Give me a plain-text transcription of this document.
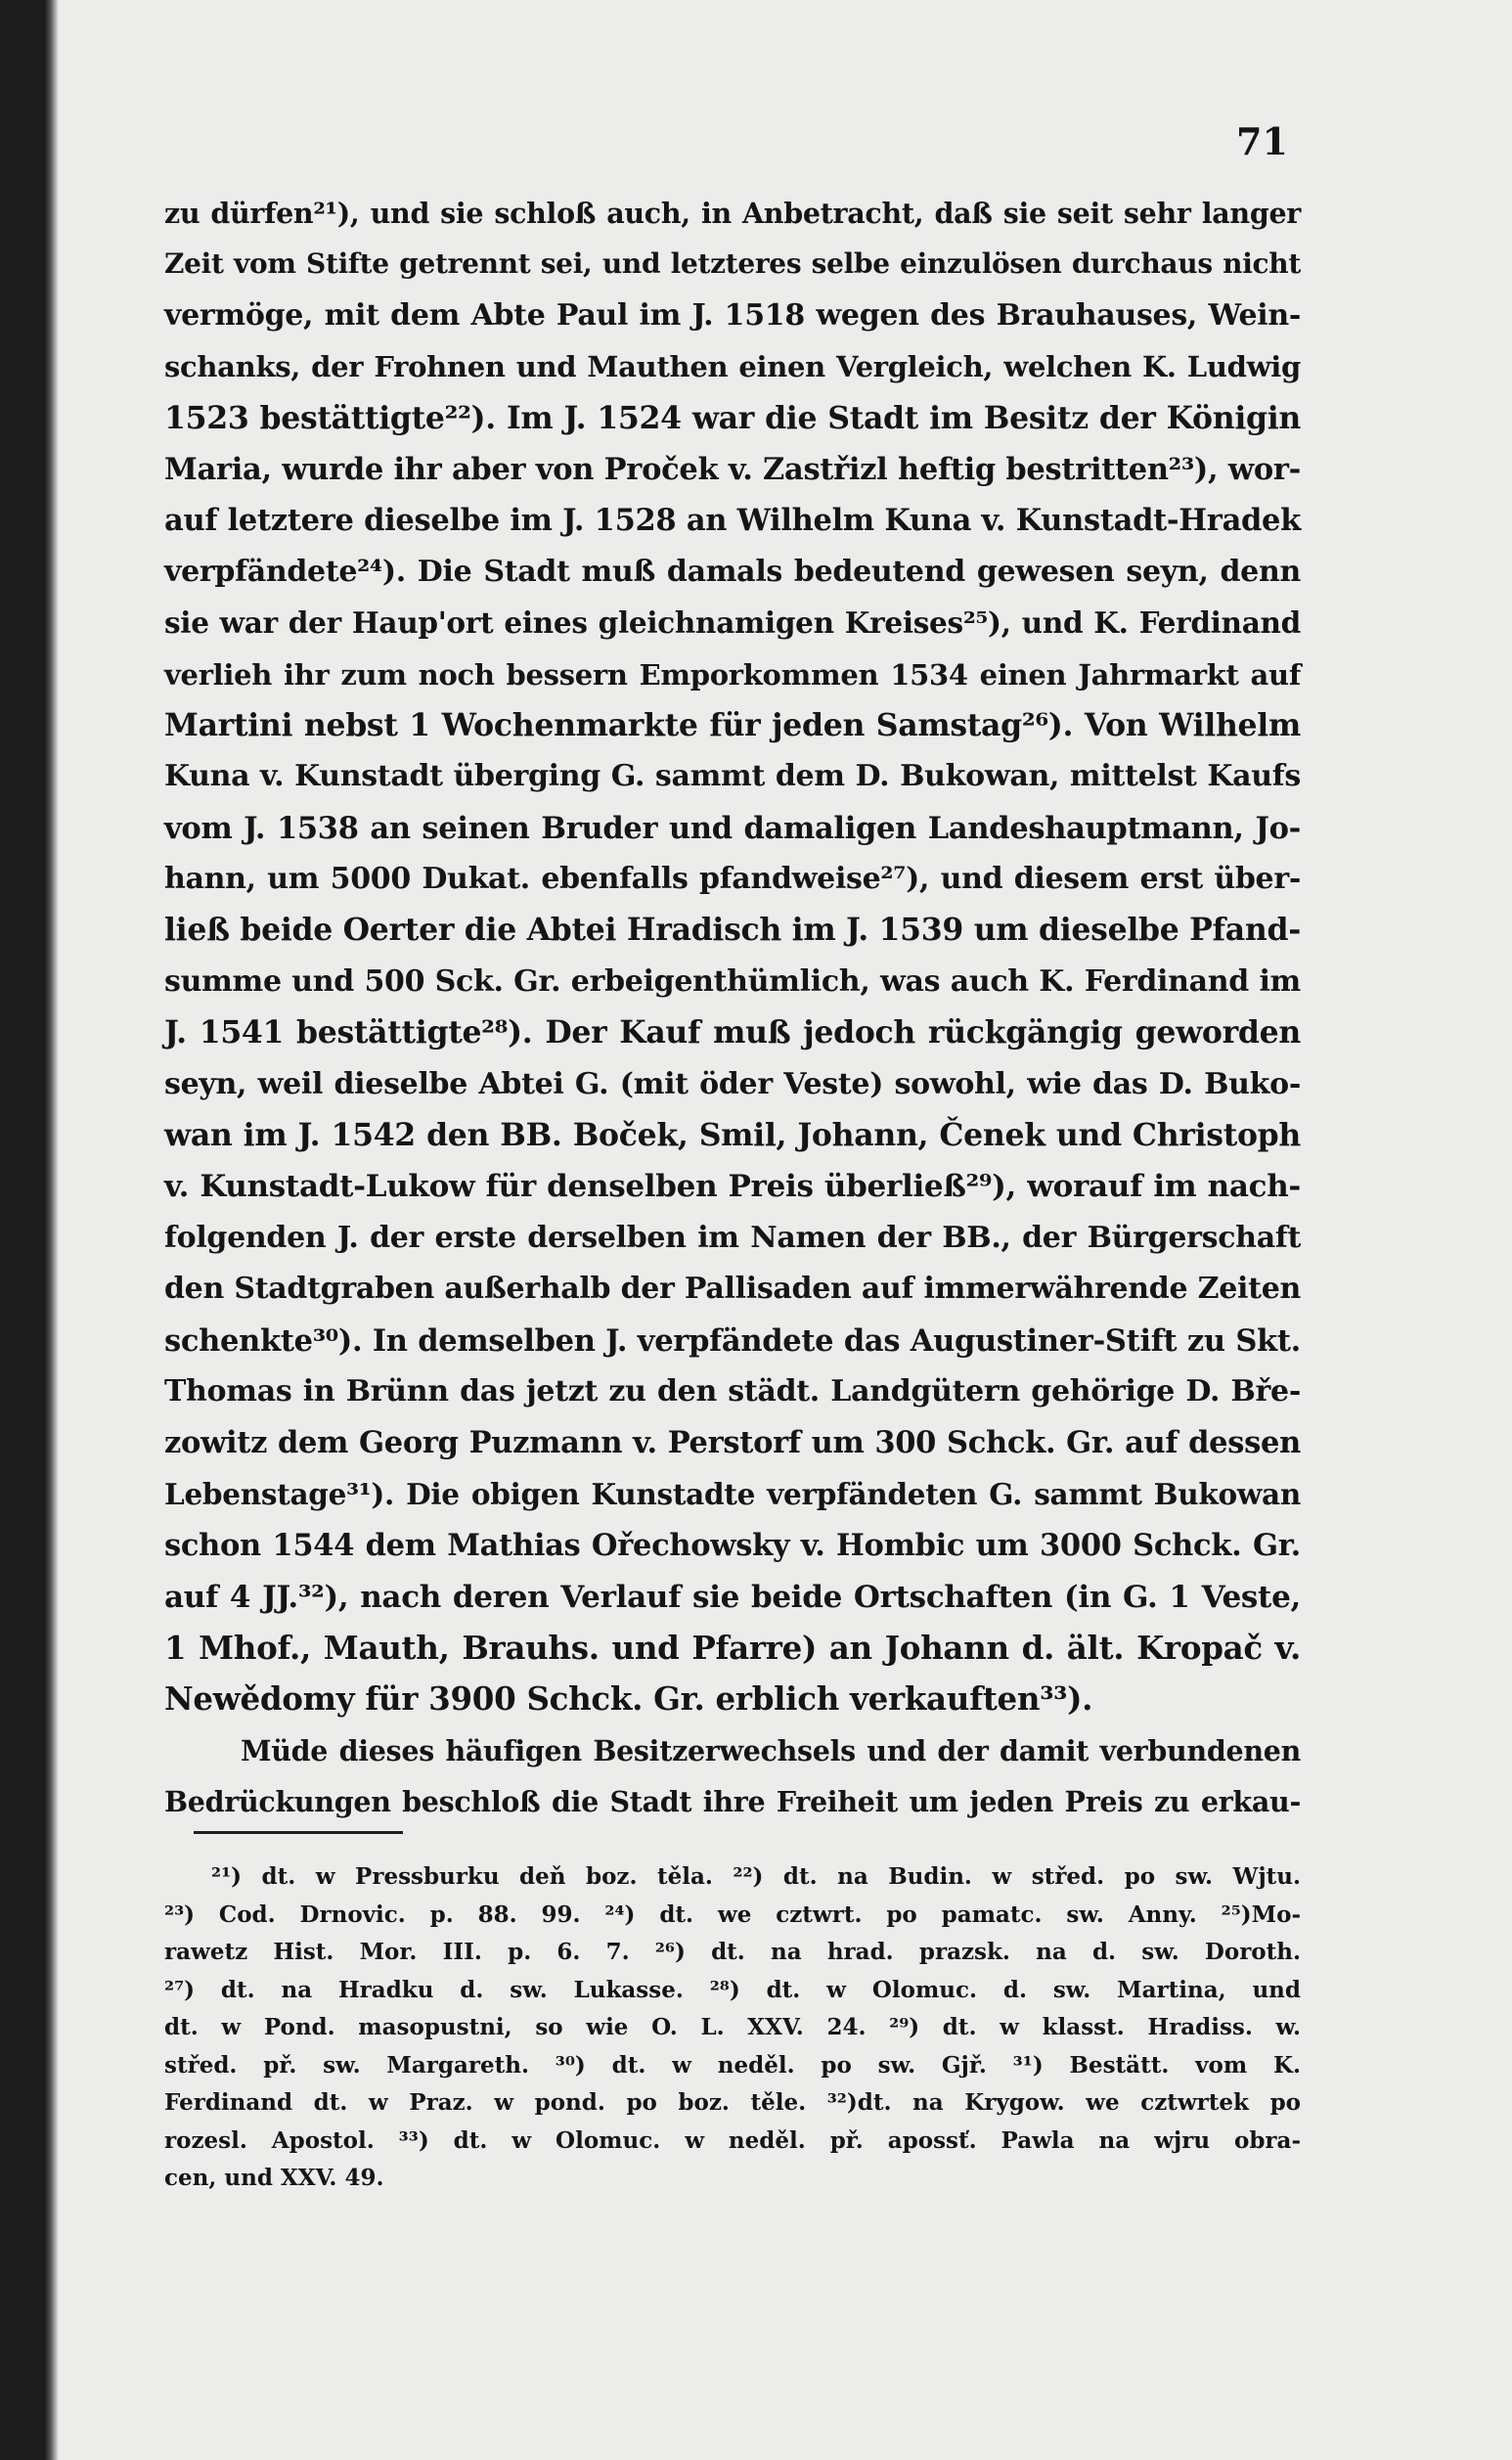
71
zu dürfen²¹), und sie schloß auch, in Anbetracht, daß sie seit sehr langer
Zeit vom Stifte getrennt sei, und letzteres selbe einzulösen durchaus nicht
vermöge, mit dem Abte Paul im J. 1518 wegen des Brauhauses, Wein-
schanks, der Frohnen und Mauthen einen Vergleich, welchen K. Ludwig
1523 bestättigte²²). Im J. 1524 war die Stadt im Besitz der Königin
Maria, wurde ihr aber von Proček v. Zastřizl heftig bestritten²³), wor-
auf letztere dieselbe im J. 1528 an Wilhelm Kuna v. Kunstadt-Hradek
verpfändete²⁴). Die Stadt muß damals bedeutend gewesen seyn, denn
sie war der Haup'ort eines gleichnamigen Kreises²⁵), und K. Ferdinand
verlieh ihr zum noch bessern Emporkommen 1534 einen Jahrmarkt auf
Martini nebst 1 Wochenmarkte für jeden Samstag²⁶). Von Wilhelm
Kuna v. Kunstadt überging G. sammt dem D. Bukowan, mittelst Kaufs
vom J. 1538 an seinen Bruder und damaligen Landeshauptmann, Jo-
hann, um 5000 Dukat. ebenfalls pfandweise²⁷), und diesem erst über-
ließ beide Oerter die Abtei Hradisch im J. 1539 um dieselbe Pfand-
summe und 500 Sck. Gr. erbeigenthümlich, was auch K. Ferdinand im
J. 1541 bestättigte²⁸). Der Kauf muß jedoch rückgängig geworden
seyn, weil dieselbe Abtei G. (mit öder Veste) sowohl, wie das D. Buko-
wan im J. 1542 den BB. Boček, Smil, Johann, Čenek und Christoph
v. Kunstadt-Lukow für denselben Preis überließ²⁹), worauf im nach-
folgenden J. der erste derselben im Namen der BB., der Bürgerschaft
den Stadtgraben außerhalb der Pallisaden auf immerwährende Zeiten
schenkte³⁰). In demselben J. verpfändete das Augustiner-Stift zu Skt.
Thomas in Brünn das jetzt zu den städt. Landgütern gehörige D. Bře-
zowitz dem Georg Puzmann v. Perstorf um 300 Schck. Gr. auf dessen
Lebenstage³¹). Die obigen Kunstadte verpfändeten G. sammt Bukowan
schon 1544 dem Mathias Ořechowsky v. Hombic um 3000 Schck. Gr.
auf 4 JJ.³²), nach deren Verlauf sie beide Ortschaften (in G. 1 Veste,
1 Mhof., Mauth, Brauhs. und Pfarre) an Johann d. ält. Kropač v.
Newědomy für 3900 Schck. Gr. erblich verkauften³³).
Müde dieses häufigen Besitzerwechsels und der damit verbundenen
Bedrückungen beschloß die Stadt ihre Freiheit um jeden Preis zu erkau-
²¹) dt. w Pressburku deň boz. těla. ²²) dt. na Budin. w střed. po sw. Wjtu.
²³) Cod. Drnovic. p. 88. 99. ²⁴) dt. we cztwrt. po pamatc. sw. Anny. ²⁵)Mo-
rawetz Hist. Mor. III. p. 6. 7. ²⁶) dt. na hrad. prazsk. na d. sw. Doroth.
²⁷) dt. na Hradku d. sw. Lukasse. ²⁸) dt. w Olomuc. d. sw. Martina, und
dt. w Pond. masopustni, so wie O. L. XXV. 24. ²⁹) dt. w klasst. Hradiss. w.
střed. př. sw. Margareth. ³⁰) dt. w neděl. po sw. Gjř. ³¹) Bestätt. vom K.
Ferdinand dt. w Praz. w pond. po boz. těle. ³²)dt. na Krygow. we cztwrtek po
rozesl. Apostol. ³³) dt. w Olomuc. w neděl. př. apossť. Pawla na wjru obra-
cen, und XXV. 49.
